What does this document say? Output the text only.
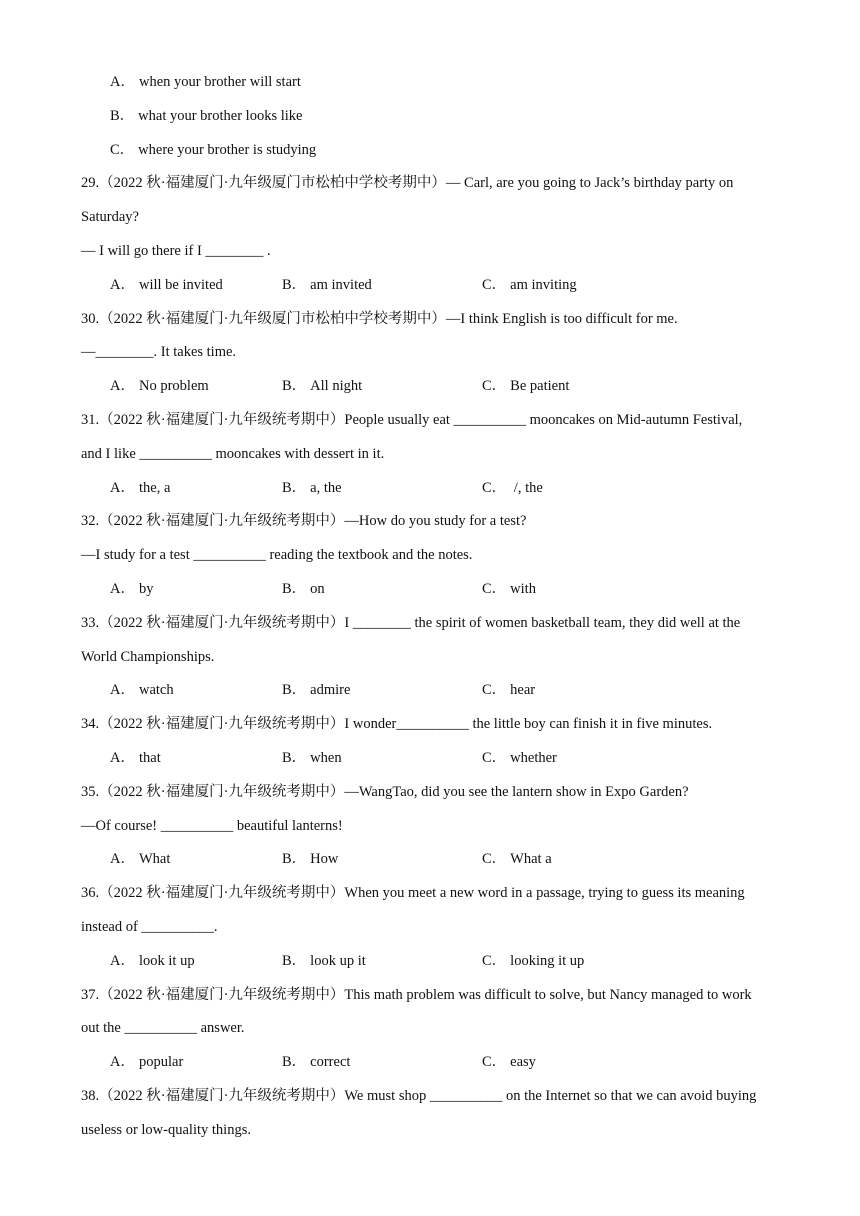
A． when your brother will start
B． what your brother looks like
C． where your brother is studying
29.（2022 秋·福建厦门·九年级厦门市松柏中学校考期中）— Carl, are you going to Jack’s birthday party on
Saturday?
— I will go there if I ________ .
A． will be invited	B． am invited	C． am inviting
30.（2022 秋·福建厦门·九年级厦门市松柏中学校考期中）—I think English is too difficult for me.
—________. It takes time.
A． No problem	B． All night	C． Be patient
31.（2022 秋·福建厦门·九年级统考期中）People usually eat __________ mooncakes on Mid-autumn Festival,
and I like __________ mooncakes with dessert in it.
A． the, a	B． a, the	C． /, the
32.（2022 秋·福建厦门·九年级统考期中）—How do you study for a test?
—I study for a test __________ reading the textbook and the notes.
A． by	B． on	C． with
33.（2022 秋·福建厦门·九年级统考期中）I ________ the spirit of women basketball team, they did well at the
World Championships.
A． watch	B． admire	C． hear
34.（2022 秋·福建厦门·九年级统考期中）I wonder__________ the little boy can finish it in five minutes.
A． that	B． when	C． whether
35.（2022 秋·福建厦门·九年级统考期中）—WangTao, did you see the lantern show in Expo Garden?
—Of course! __________ beautiful lanterns!
A． What	B． How	C． What a
36.（2022 秋·福建厦门·九年级统考期中）When you meet a new word in a passage, trying to guess its meaning
instead of __________.
A． look it up	B． look up it	C． looking it up
37.（2022 秋·福建厦门·九年级统考期中）This math problem was difficult to solve, but Nancy managed to work
out the __________ answer.
A． popular	B． correct	C． easy
38.（2022 秋·福建厦门·九年级统考期中）We must shop __________ on the Internet so that we can avoid buying
useless or low-quality things.
